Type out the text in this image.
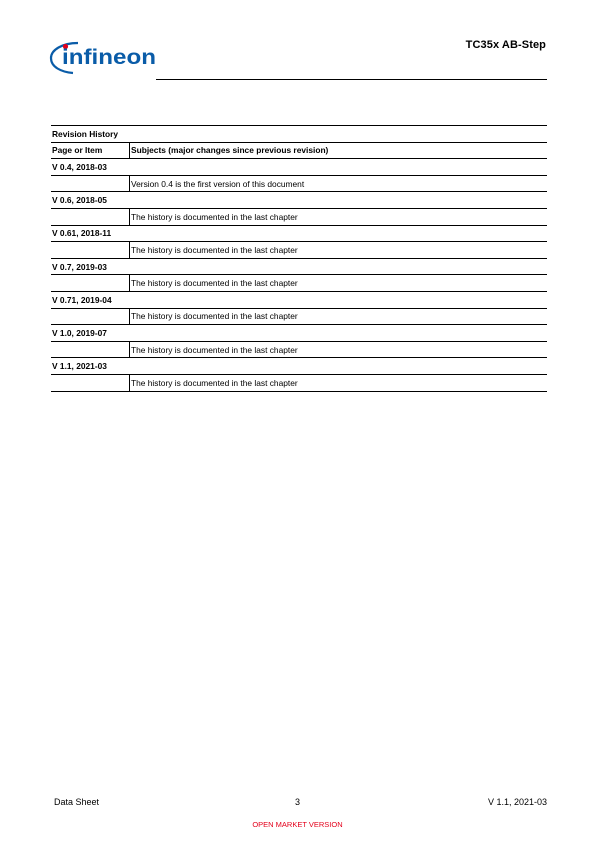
infineon
TC35x AB-Step
Revision History	
Page or Item	Subjects (major changes since previous revision)
V 0.4, 2018-03	
	Version 0.4 is the first version of this document
V 0.6, 2018-05	
	The history is documented in the last chapter
V 0.61, 2018-11	
	The history is documented in the last chapter
V 0.7, 2019-03	
	The history is documented in the last chapter
V 0.71, 2019-04	
	The history is documented in the last chapter
V 1.0, 2019-07	
	The history is documented in the last chapter
V 1.1, 2021-03	
	The history is documented in the last chapter
Data Sheet	3	V 1.1, 2021-03
OPEN MARKET VERSION
